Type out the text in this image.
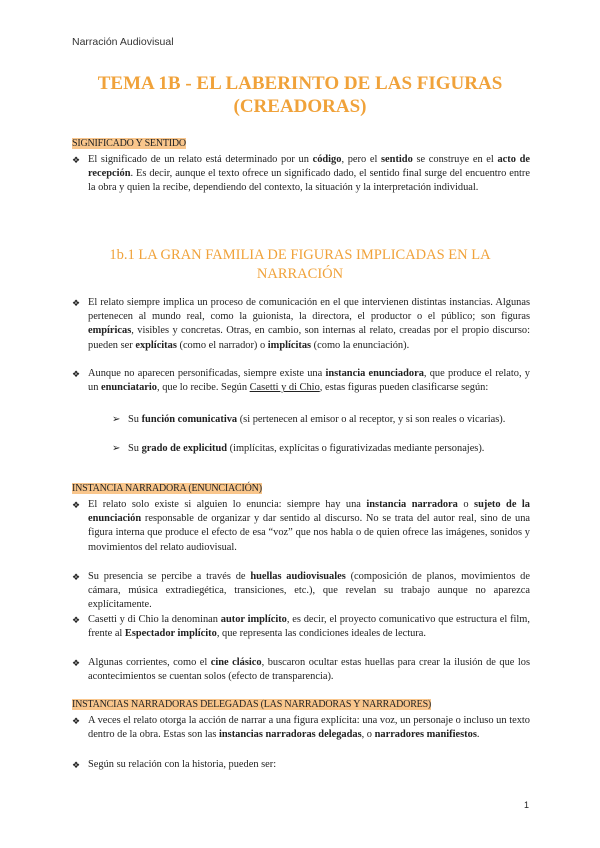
Narración Audiovisual
TEMA 1B - EL LABERINTO DE LAS FIGURAS
(CREADORAS)
SIGNIFICADO Y SENTIDO
❖ El significado de un relato está determinado por un código, pero el sentido se construye en el acto de recepción. Es decir, aunque el texto ofrece un significado dado, el sentido final surge del encuentro entre la obra y quien la recibe, dependiendo del contexto, la situación y la interpretación individual.
1b.1 LA GRAN FAMILIA DE FIGURAS IMPLICADAS EN LA
NARRACIÓN
❖ El relato siempre implica un proceso de comunicación en el que intervienen distintas instancias. Algunas pertenecen al mundo real, como la guionista, la directora, el productor o el público; son figuras empíricas, visibles y concretas. Otras, en cambio, son internas al relato, creadas por el propio discurso: pueden ser explícitas (como el narrador) o implícitas (como la enunciación).
❖ Aunque no aparecen personificadas, siempre existe una instancia enunciadora, que produce el relato, y un enunciatario, que lo recibe. Según Casetti y di Chio, estas figuras pueden clasificarse según:
➢ Su función comunicativa (si pertenecen al emisor o al receptor, y si son reales o vicarias).
➢ Su grado de explicitud (implícitas, explícitas o figurativizadas mediante personajes).
INSTANCIA NARRADORA (ENUNCIACIÓN)
❖ El relato solo existe si alguien lo enuncia: siempre hay una instancia narradora o sujeto de la enunciación responsable de organizar y dar sentido al discurso. No se trata del autor real, sino de una figura interna que produce el efecto de esa “voz” que nos habla o de quien ofrece las imágenes, sonidos y movimientos del relato audiovisual.
❖ Su presencia se percibe a través de huellas audiovisuales (composición de planos, movimientos de cámara, música extradiegética, transiciones, etc.), que revelan su trabajo aunque no aparezca explícitamente.
❖ Casetti y di Chio la denominan autor implícito, es decir, el proyecto comunicativo que estructura el film, frente al Espectador implícito, que representa las condiciones ideales de lectura.
❖ Algunas corrientes, como el cine clásico, buscaron ocultar estas huellas para crear la ilusión de que los acontecimientos se cuentan solos (efecto de transparencia).
INSTANCIAS NARRADORAS DELEGADAS (LAS NARRADORAS Y NARRADORES)
❖ A veces el relato otorga la acción de narrar a una figura explícita: una voz, un personaje o incluso un texto dentro de la obra. Estas son las instancias narradoras delegadas, o narradores manifiestos.
❖ Según su relación con la historia, pueden ser:
1
